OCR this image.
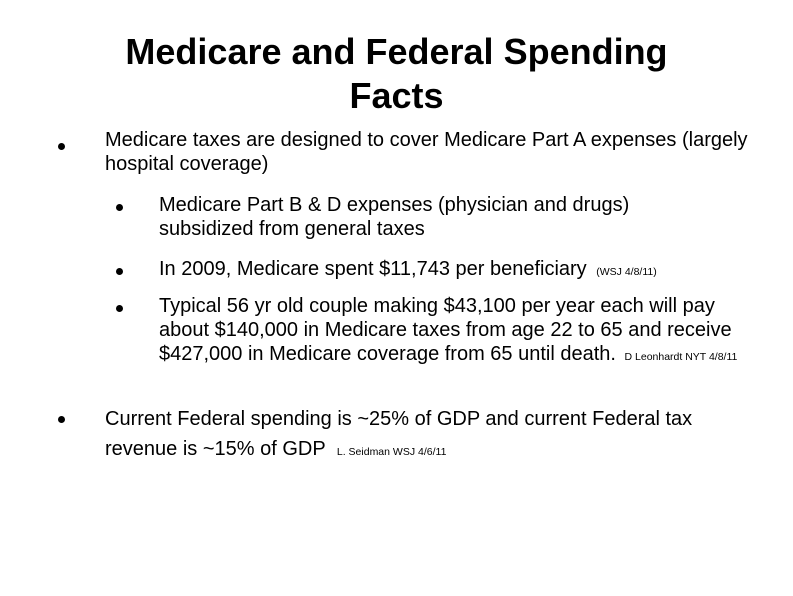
Medicare and Federal Spending
Facts
Medicare taxes are designed to cover Medicare Part A expenses (largely hospital coverage)
Medicare Part B & D expenses (physician and drugs) subsidized from general taxes
In 2009, Medicare spent $11,743 per beneficiary (WSJ 4/8/11)
Typical 56 yr old couple making $43,100 per year each will pay about $140,000 in Medicare taxes from age 22 to 65 and receive $427,000 in Medicare coverage from 65 until death. D Leonhardt NYT 4/8/11
Current Federal spending is ~25% of GDP and current Federal tax revenue is ~15% of GDP L. Seidman WSJ 4/6/11
